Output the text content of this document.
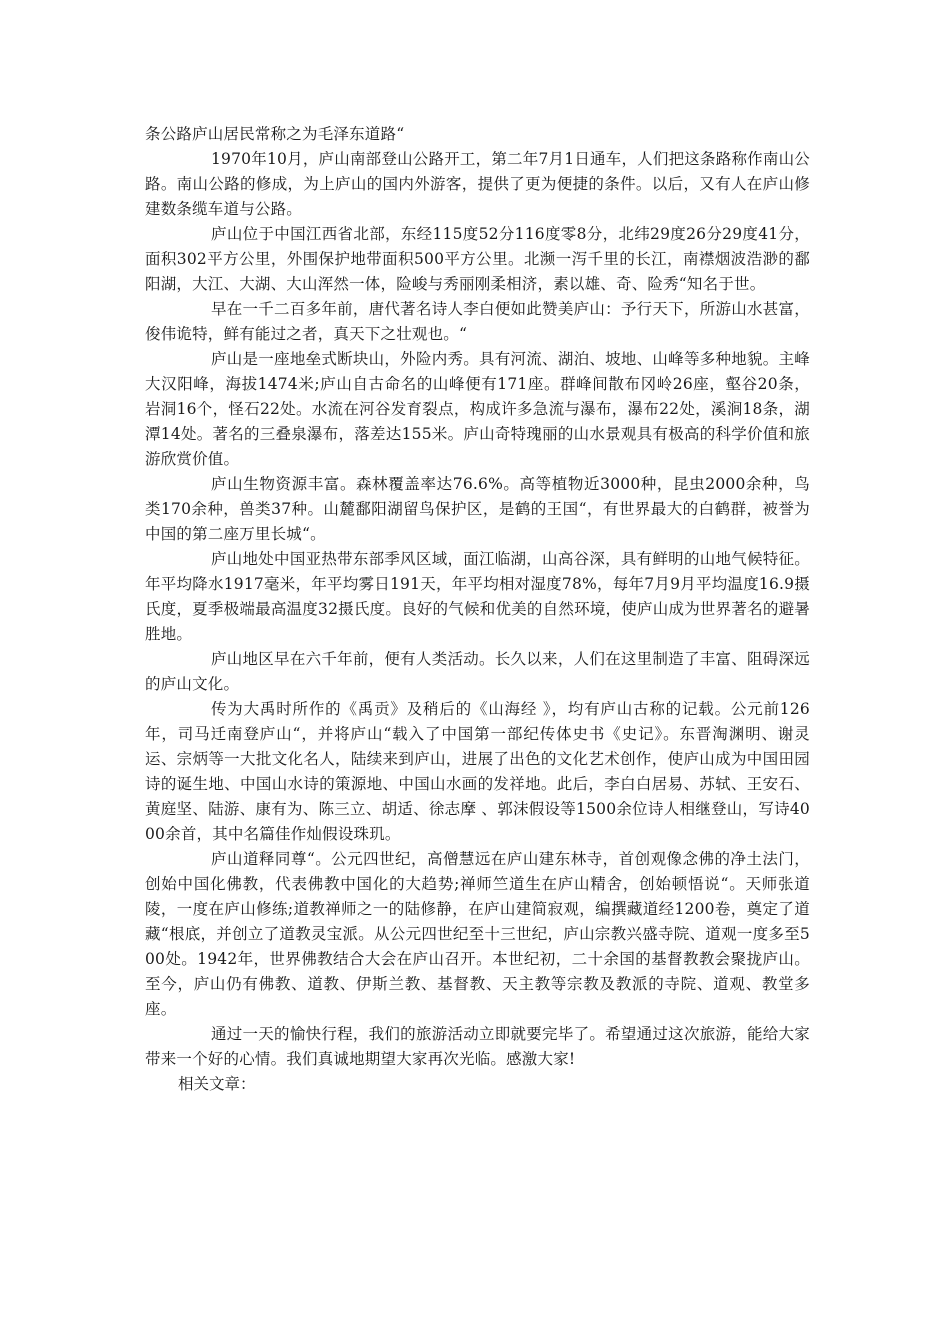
条公路庐山居民常称之为毛泽东道路“

1970年10月，庐山南部登山公路开工，第二年7月1日通车，人们把这条路称作南山公路。南山公路的修成，为上庐山的国内外游客，提供了更为便捷的条件。以后，又有人在庐山修建数条缆车道与公路。

庐山位于中国江西省北部，东经115度52分116度零8分，北纬29度26分29度41分，面积302平方公里，外围保护地带面积500平方公里。北濒一泻千里的长江，南襟烟波浩渺的鄱阳湖，大江、大湖、大山浑然一体，险峻与秀丽刚柔相济，素以雄、奇、险秀“知名于世。

早在一千二百多年前，唐代著名诗人李白便如此赞美庐山：予行天下，所游山水甚富，俊伟诡特，鲜有能过之者，真天下之壮观也。“

庐山是一座地垒式断块山，外险内秀。具有河流、湖泊、坡地、山峰等多种地貌。主峰大汉阳峰，海拔1474米;庐山自古命名的山峰便有171座。群峰间散布冈岭26座，壑谷20条，岩洞16个，怪石22处。水流在河谷发育裂点，构成许多急流与瀑布，瀑布22处，溪涧18条，湖潭14处。著名的三叠泉瀑布，落差达155米。庐山奇特瑰丽的山水景观具有极高的科学价值和旅游欣赏价值。

庐山生物资源丰富。森林覆盖率达76.6%。高等植物近3000种，昆虫2000余种，鸟类170余种，兽类37种。山麓鄱阳湖留鸟保护区，是鹤的王国“，有世界最大的白鹤群，被誉为中国的第二座万里长城“。

庐山地处中国亚热带东部季风区域，面江临湖，山高谷深，具有鲜明的山地气候特征。年平均降水1917毫米，年平均雾日191天，年平均相对湿度78%，每年7月9月平均温度16.9摄氏度，夏季极端最高温度32摄氏度。良好的气候和优美的自然环境，使庐山成为世界著名的避暑胜地。

庐山地区早在六千年前，便有人类活动。长久以来，人们在这里制造了丰富、阻碍深远的庐山文化。

传为大禹时所作的《禹贡》及稍后的《山海经 》，均有庐山古称的记载。公元前126年，司马迁南登庐山“，并将庐山“载入了中国第一部纪传体史书《史记》。东晋淘渊明、谢灵运、宗炳等一大批文化名人，陆续来到庐山，进展了出色的文化艺术创作，使庐山成为中国田园诗的诞生地、中国山水诗的策源地、中国山水画的发祥地。此后，李白白居易、苏轼、王安石、黄庭坚、陆游、康有为、陈三立、胡适、徐志摩 、郭沫假设等1500余位诗人相继登山，写诗4000余首，其中名篇佳作灿假设珠玑。

庐山道释同尊“。公元四世纪，高僧慧远在庐山建东林寺，首创观像念佛的净土法门，创始中国化佛教，代表佛教中国化的大趋势;禅师竺道生在庐山精舍，创始顿悟说“。天师张道陵，一度在庐山修练;道教禅师之一的陆修静，在庐山建简寂观，编撰藏道经1200卷，奠定了道藏“根底，并创立了道教灵宝派。从公元四世纪至十三世纪，庐山宗教兴盛寺院、道观一度多至500处。1942年，世界佛教结合大会在庐山召开。本世纪初，二十余国的基督教教会聚拢庐山。至今，庐山仍有佛教、道教、伊斯兰教、基督教、天主教等宗教及教派的寺院、道观、教堂多座。

通过一天的愉快行程，我们的旅游活动立即就要完毕了。希望通过这次旅游，能给大家带来一个好的心情。我们真诚地期望大家再次光临。感激大家!

相关文章：
